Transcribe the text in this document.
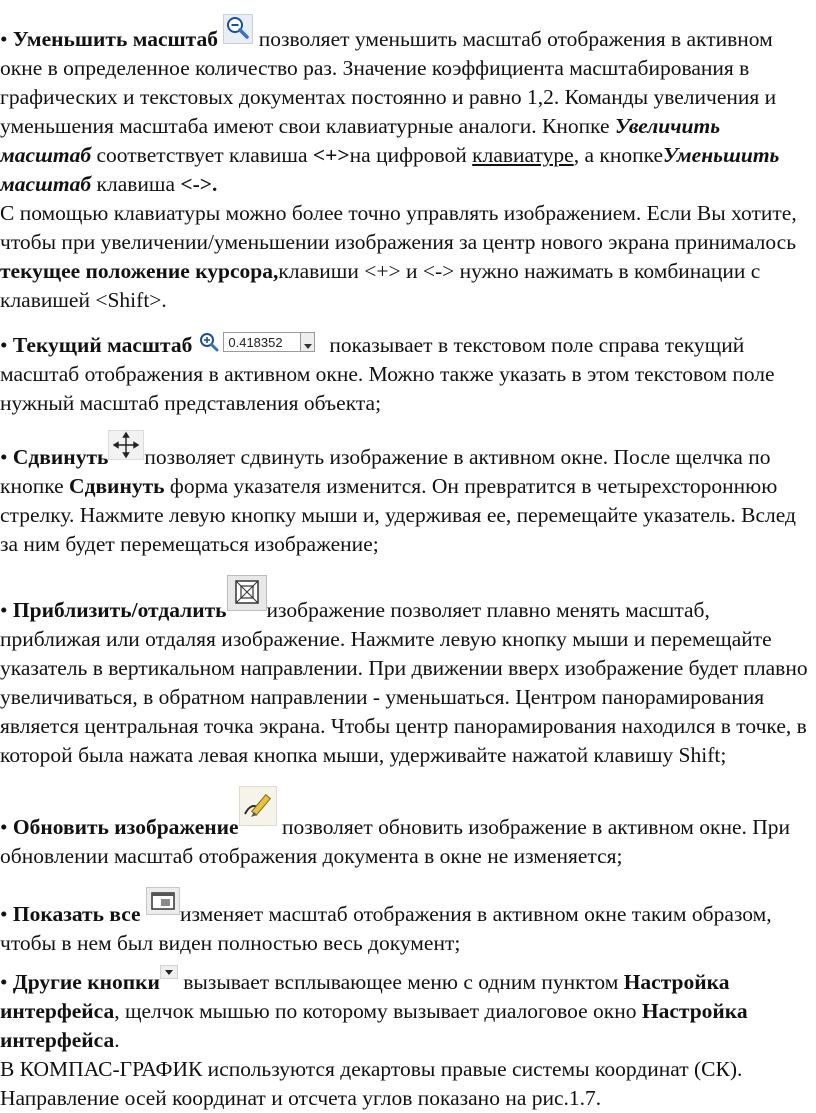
• Уменьшить масштаб
позволяет уменьшить масштаб отображения в активном окне в определенное количество раз. Значение коэффициента масштабирования в графических и текстовых документах постоянно и равно 1,2. Команды увеличения и уменьшения масштаба имеют свои клавиатурные аналоги. Кнопке Увеличить масштаб соответствует клавиша <+>на цифровой клавиатуре, а кнопкеУменьшить масштаб клавиша <->.

С помощью клавиатуры можно более точно управлять изображением. Если Вы хотите, чтобы при увеличении/уменьшении изображения за центр нового экрана принималось текущее положение курсора,клавиши <+> и <-> нужно нажимать в комбинации с клавишей <Shift>.

• Текущий масштаб	0.418352	показывает в текстовом поле справа текущий масштаб отображения в активном окне. Можно также указать в этом текстовом поле нужный масштаб представления объекта;

• Сдвинуть позволяет сдвинуть изображение в активном окне. После щелчка по кнопке Сдвинуть форма указателя изменится. Он превратится в четырехстороннюю стрелку. Нажмите левую кнопку мыши и, удерживая ее, перемещайте указатель. Вслед за ним будет перемещаться изображение;

• Приблизить/отдалить изображение позволяет плавно менять масштаб, приближая или отдаляя изображение. Нажмите левую кнопку мыши и перемещайте указатель в вертикальном направлении. При движении вверх изображение будет плавно увеличиваться, в обратном направлении - уменьшаться. Центром панорамирования является центральная точка экрана. Чтобы центр панорамирования находился в точке, в которой была нажата левая кнопка мыши, удерживайте нажатой клавишу Shift;

• Обновить изображение
позволяет обновить изображение в активном окне. При обновлении масштаб отображения документа в окне не изменяется;

• Показать все изменяет масштаб отображения в активном окне таким образом, чтобы в нем был виден полностью весь документ;

• Другие кнопки
вызывает всплывающее меню с одним пунктом Настройка интерфейса, щелчок мышью по которому вызывает диалоговое окно Настройка интерфейса.

В КОМПАС-ГРАФИК используются декартовы правые системы координат (СК). Направление осей координат и отсчета углов показано на рис.1.7.
